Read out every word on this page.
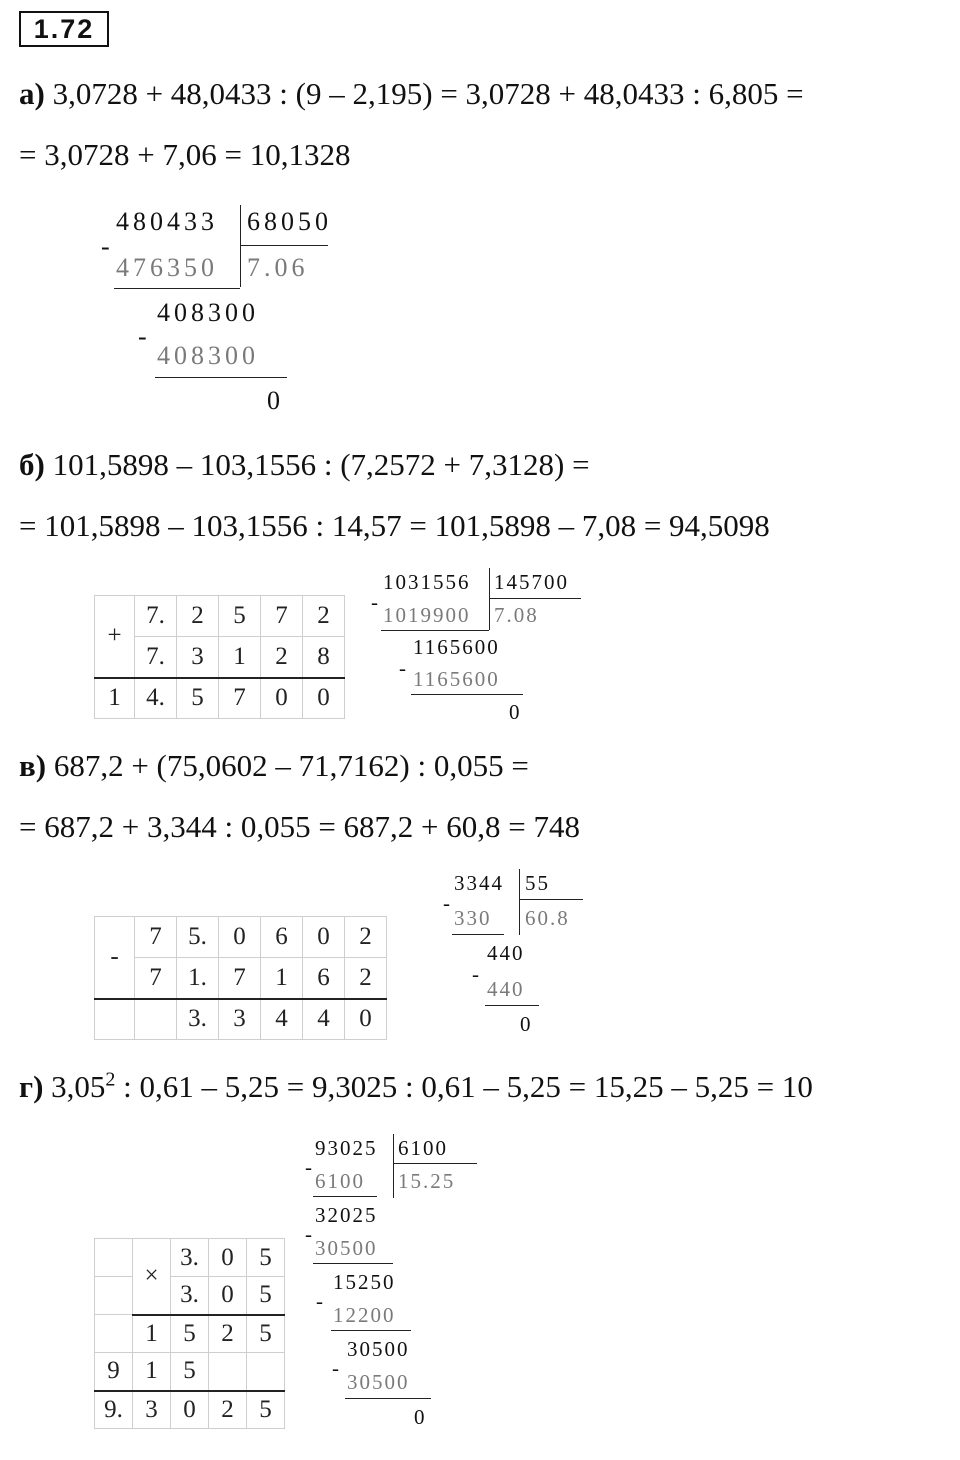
1.72
а) 3,0728 + 48,0433 : (9 – 2,195) = 3,0728 + 48,0433 : 6,805 =
= 3,0728 + 7,06 = 10,1328
480433 68050
-
476350 7.06
408300
-
408300
0
б) 101,5898 – 103,1556 : (7,2572 + 7,3128) =
= 101,5898 – 103,1556 : 14,57 = 101,5898 – 7,08 = 94,5098
+	7.	2	5	7	2
	7.	3	1	2	8
1	4.	5	7	0	0
1031556 145700
-
1019900 7.08
1165600
- 1165600
0
в) 687,2 + (75,0602 – 71,7162) : 0,055 =
= 687,2 + 3,344 : 0,055 = 687,2 + 60,8 = 748
-	7	5.	0	6	0	2
	7	1.	7	1	6	2
		3.	3	4	4	0
3344 55
-
330 60.8
440
-
440
0
г) 3,05$^2$ : 0,61 – 5,25 = 9,3025 : 0,61 – 5,25 = 15,25 – 5,25 = 10
	×	3.	0	5
		3.	0	5
	1	5	2	5
9	1	5		
9.	3	0	2	5
93025 6100
-
6100 15.25
32025
-
30500
15250
-
12200
30500
-
30500
0
